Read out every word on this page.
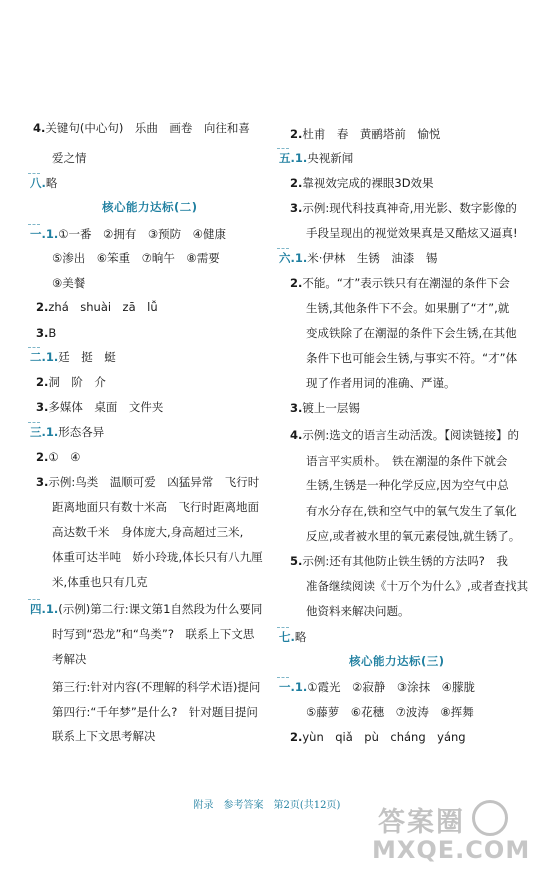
4.关键句(中心句)　乐曲　画卷　向往和喜
爱之情
八.略
一.1.①一番　②拥有　③预防　④健康
⑤渗出　⑥笨重　⑦晌午　⑧需要
⑨美餐
2.zhá　shuài　zā　lǚ
3.B
二.1.廷　挺　蜓
2.洞　阶　介
3.多媒体　桌面　文件夹
三.1.形态各异
2.①　④
3.示例:鸟类　温顺可爱　凶猛异常　飞行时
距离地面只有数十米高　飞行时距离地面
高达数千米　身体庞大,身高超过三米,
体重可达半吨　娇小玲珑,体长只有八九厘
米,体重也只有几克
四.1.(示例)第二行:课文第1自然段为什么要同
时写到“恐龙”和“鸟类”?　联系上下文思
考解决
第三行:针对内容(不理解的科学术语)提问
第四行:“千年梦”是什么?　针对题目提问
联系上下文思考解决
2.杜甫　春　黄鹂塔前　愉悦
五.1.央视新闻
2.靠视效完成的裸眼3D效果
3.示例:现代科技真神奇,用光影、数字影像的
手段呈现出的视觉效果真是又酷炫又逼真!
六.1.米·伊林　生锈　油漆　锡
2.不能。“才”表示铁只有在潮湿的条件下会
生锈,其他条件下不会。如果删了“才”,就
变成铁除了在潮湿的条件下会生锈,在其他
条件下也可能会生锈,与事实不符。“才”体
现了作者用词的准确、严谨。
3.镀上一层锡
4.示例:选文的语言生动活泼。【阅读链接】的
语言平实质朴。　铁在潮湿的条件下就会
生锈,生锈是一种化学反应,因为空气中总
有水分存在,铁和空气中的氧气发生了氧化
反应,或者被水里的氧元素侵蚀,就生锈了。
5.示例:还有其他防止铁生锈的方法吗?　我
准备继续阅读《十万个为什么》,或者查找其
他资料来解决问题。
七.略
一.1.①霞光　②寂静　③涂抹　④朦胧
⑤藤萝　⑥花穗　⑦波涛　⑧挥舞
2.yùn　qiǎ　pù　cháng　yáng
核心能力达标(二)
核心能力达标(三)
附录　参考答案　第2页(共12页)
答案圈
MXQE.COM
